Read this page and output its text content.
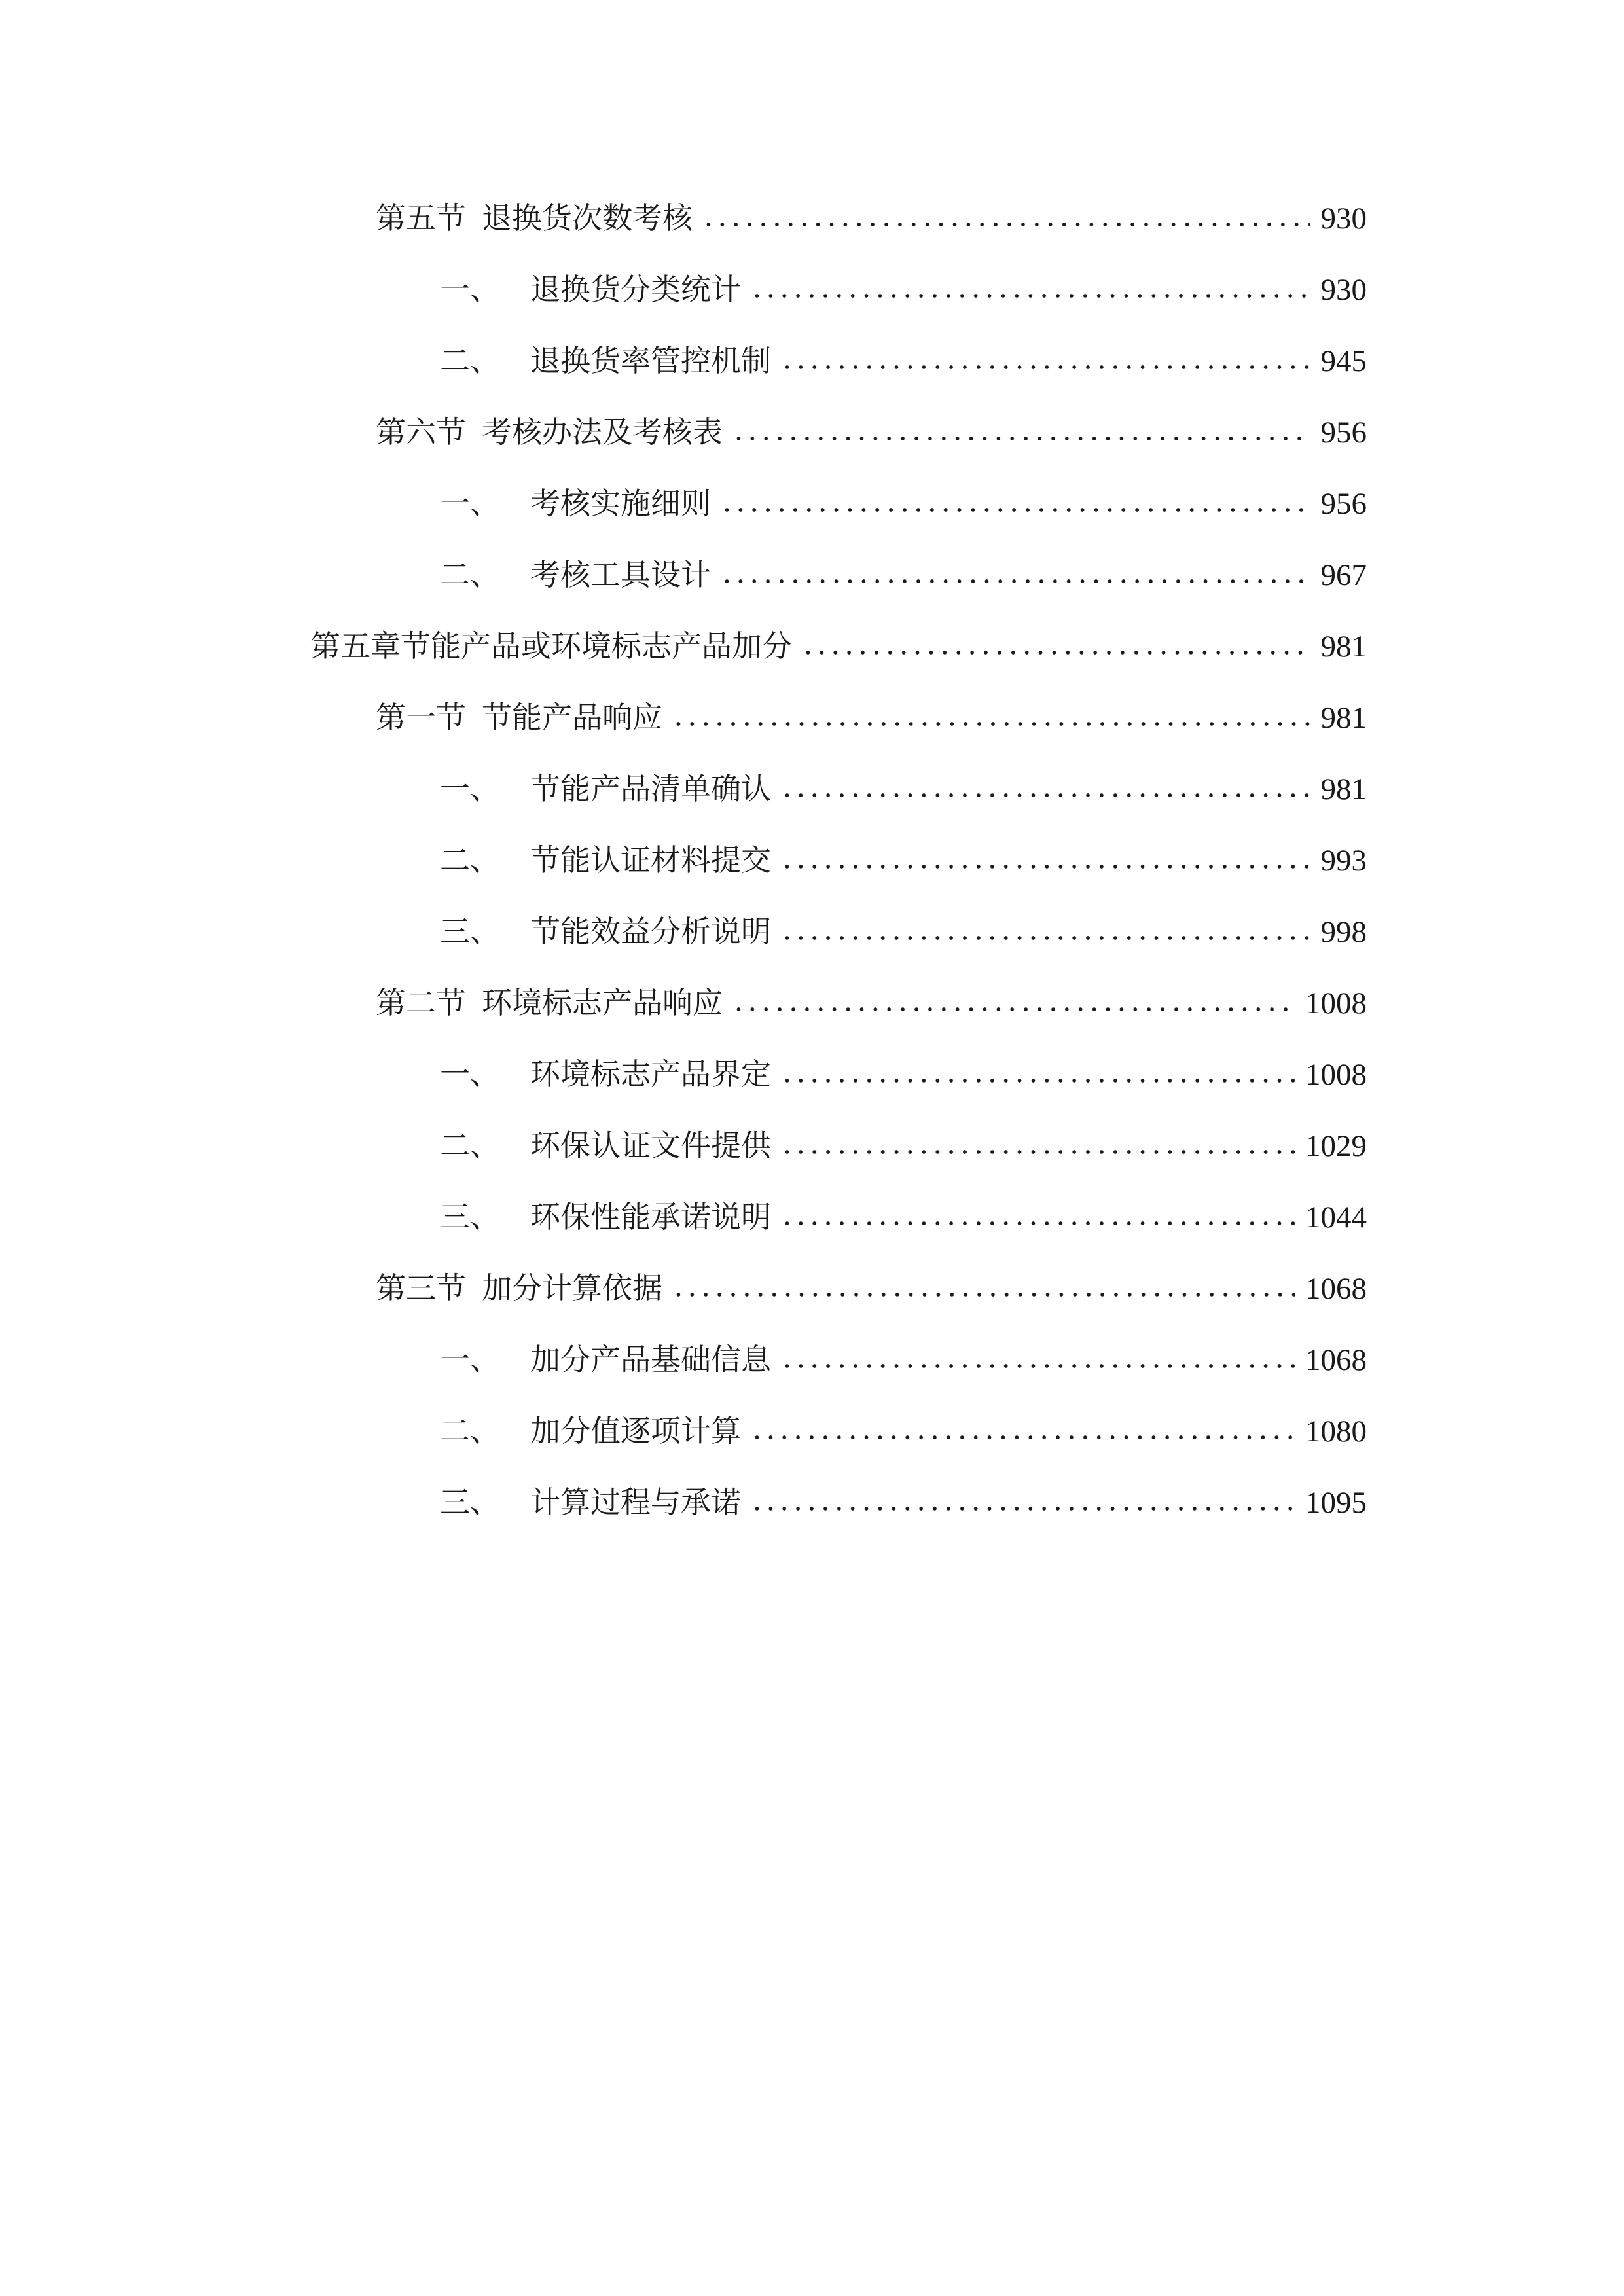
第五节 退换货次数考核	930
一、 退换货分类统计	930
二、 退换货率管控机制	945
第六节 考核办法及考核表	956
一、 考核实施细则	956
二、 考核工具设计	967
第五章节能产品或环境标志产品加分	981
第一节 节能产品响应	981
一、 节能产品清单确认	981
二、 节能认证材料提交	993
三、 节能效益分析说明	998
第二节 环境标志产品响应	1008
一、 环境标志产品界定	1008
二、 环保认证文件提供	1029
三、 环保性能承诺说明	1044
第三节 加分计算依据	1068
一、 加分产品基础信息	1068
二、 加分值逐项计算	1080
三、 计算过程与承诺	1095
